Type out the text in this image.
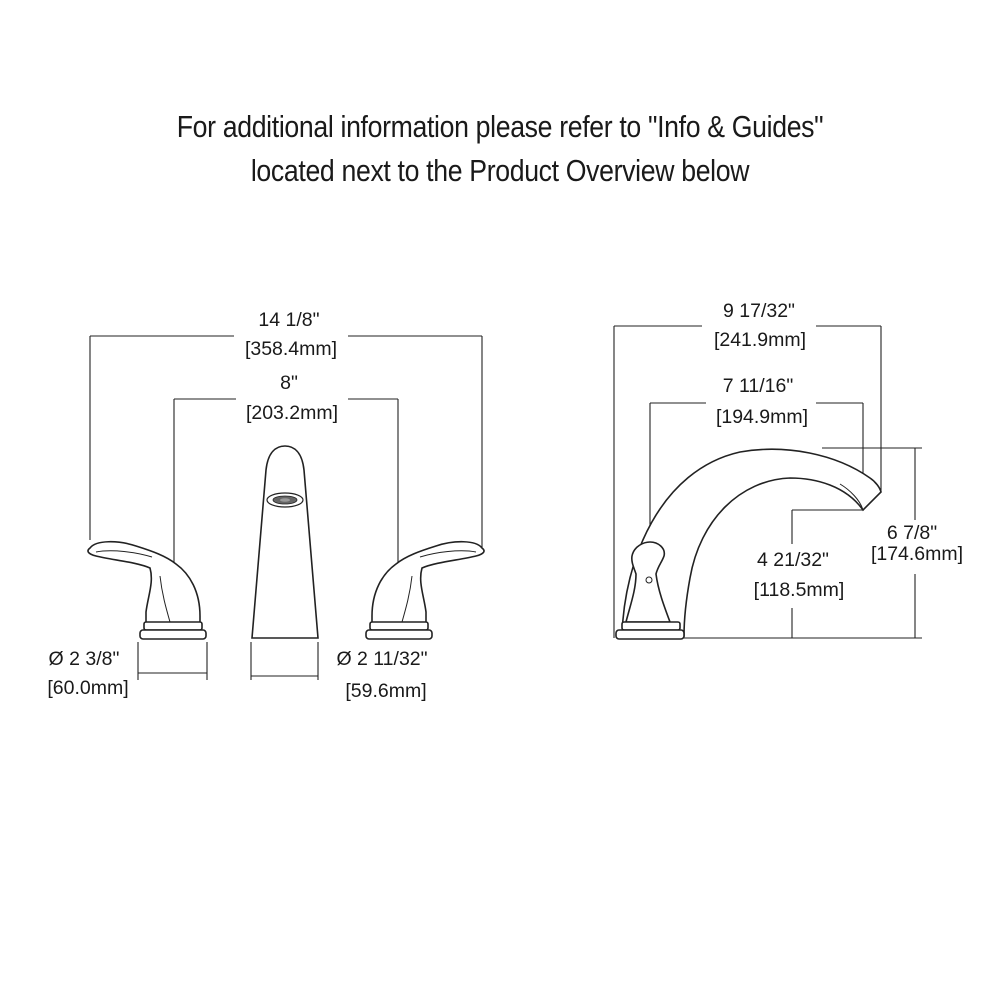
For additional information please refer to "Info & Guides"
located next to the Product Overview below
14 1/8"
[358.4mm]
8"
[203.2mm]
Ø 2 3/8"
[60.0mm]
Ø 2 11/32"
[59.6mm]
9 17/32"
[241.9mm]
7 11/16"
[194.9mm]
4 21/32"
[118.5mm]
6 7/8"
[174.6mm]
